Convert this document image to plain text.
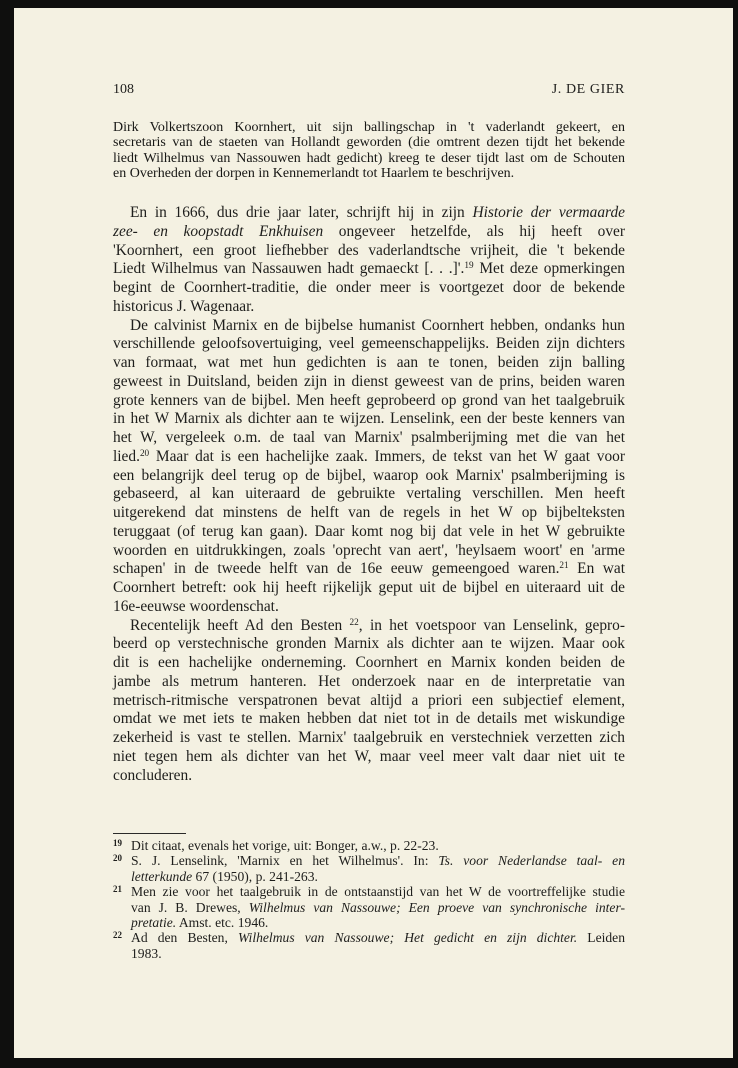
108	J. DE GIER
Dirk Volkertszoon Koornhert, uit sijn ballingschap in 't vaderlandt gekeert, en
secretaris van de staeten van Hollandt geworden (die omtrent dezen tijdt het bekende
liedt Wilhelmus van Nassouwen hadt gedicht) kreeg te deser tijdt last om de Schouten
en Overheden der dorpen in Kennemerlandt tot Haarlem te beschrijven.
En in 1666, dus drie jaar later, schrijft hij in zijn Historie der vermaarde
zee- en koopstadt Enkhuisen ongeveer hetzelfde, als hij heeft over
'Koornhert, een groot liefhebber des vaderlandtsche vrijheit, die 't bekende
Liedt Wilhelmus van Nassauwen hadt gemaeckt [. . .]'.$^{19}$ Met deze opmerkingen
begint de Coornhert-traditie, die onder meer is voortgezet door de bekende
historicus J. Wagenaar.
De calvinist Marnix en de bijbelse humanist Coornhert hebben, ondanks hun
verschillende geloofsovertuiging, veel gemeenschappelijks. Beiden zijn dichters
van formaat, wat met hun gedichten is aan te tonen, beiden zijn balling
geweest in Duitsland, beiden zijn in dienst geweest van de prins, beiden waren
grote kenners van de bijbel. Men heeft geprobeerd op grond van het taalgebruik
in het W Marnix als dichter aan te wijzen. Lenselink, een der beste kenners van
het W, vergeleek o.m. de taal van Marnix' psalmberijming met die van het
lied.$^{20}$ Maar dat is een hachelijke zaak. Immers, de tekst van het W gaat voor
een belangrijk deel terug op de bijbel, waarop ook Marnix' psalmberijming is
gebaseerd, al kan uiteraard de gebruikte vertaling verschillen. Men heeft
uitgerekend dat minstens de helft van de regels in het W op bijbelteksten
teruggaat (of terug kan gaan). Daar komt nog bij dat vele in het W gebruikte
woorden en uitdrukkingen, zoals 'oprecht van aert', 'heylsaem woort' en 'arme
schapen' in de tweede helft van de 16e eeuw gemeengoed waren.$^{21}$ En wat
Coornhert betreft: ook hij heeft rijkelijk geput uit de bijbel en uiteraard uit de
16e-eeuwse woordenschat.
Recentelijk heeft Ad den Besten $^{22}$, in het voetspoor van Lenselink, gepro-
beerd op verstechnische gronden Marnix als dichter aan te wijzen. Maar ook
dit is een hachelijke onderneming. Coornhert en Marnix konden beiden de
jambe als metrum hanteren. Het onderzoek naar en de interpretatie van
metrisch-ritmische verspatronen bevat altijd a priori een subjectief element,
omdat we met iets te maken hebben dat niet tot in de details met wiskundige
zekerheid is vast te stellen. Marnix' taalgebruik en verstechniek verzetten zich
niet tegen hem als dichter van het W, maar veel meer valt daar niet uit te
concluderen.
19 Dit citaat, evenals het vorige, uit: Bonger, a.w., p. 22-23.
20 S. J. Lenselink, 'Marnix en het Wilhelmus'. In: Ts. voor Nederlandse taal- en
letterkunde 67 (1950), p. 241-263.
21 Men zie voor het taalgebruik in de ontstaanstijd van het W de voortreffelijke studie
van J. B. Drewes, Wilhelmus van Nassouwe; Een proeve van synchronische inter-
pretatie. Amst. etc. 1946.
22 Ad den Besten, Wilhelmus van Nassouwe; Het gedicht en zijn dichter. Leiden
1983.
